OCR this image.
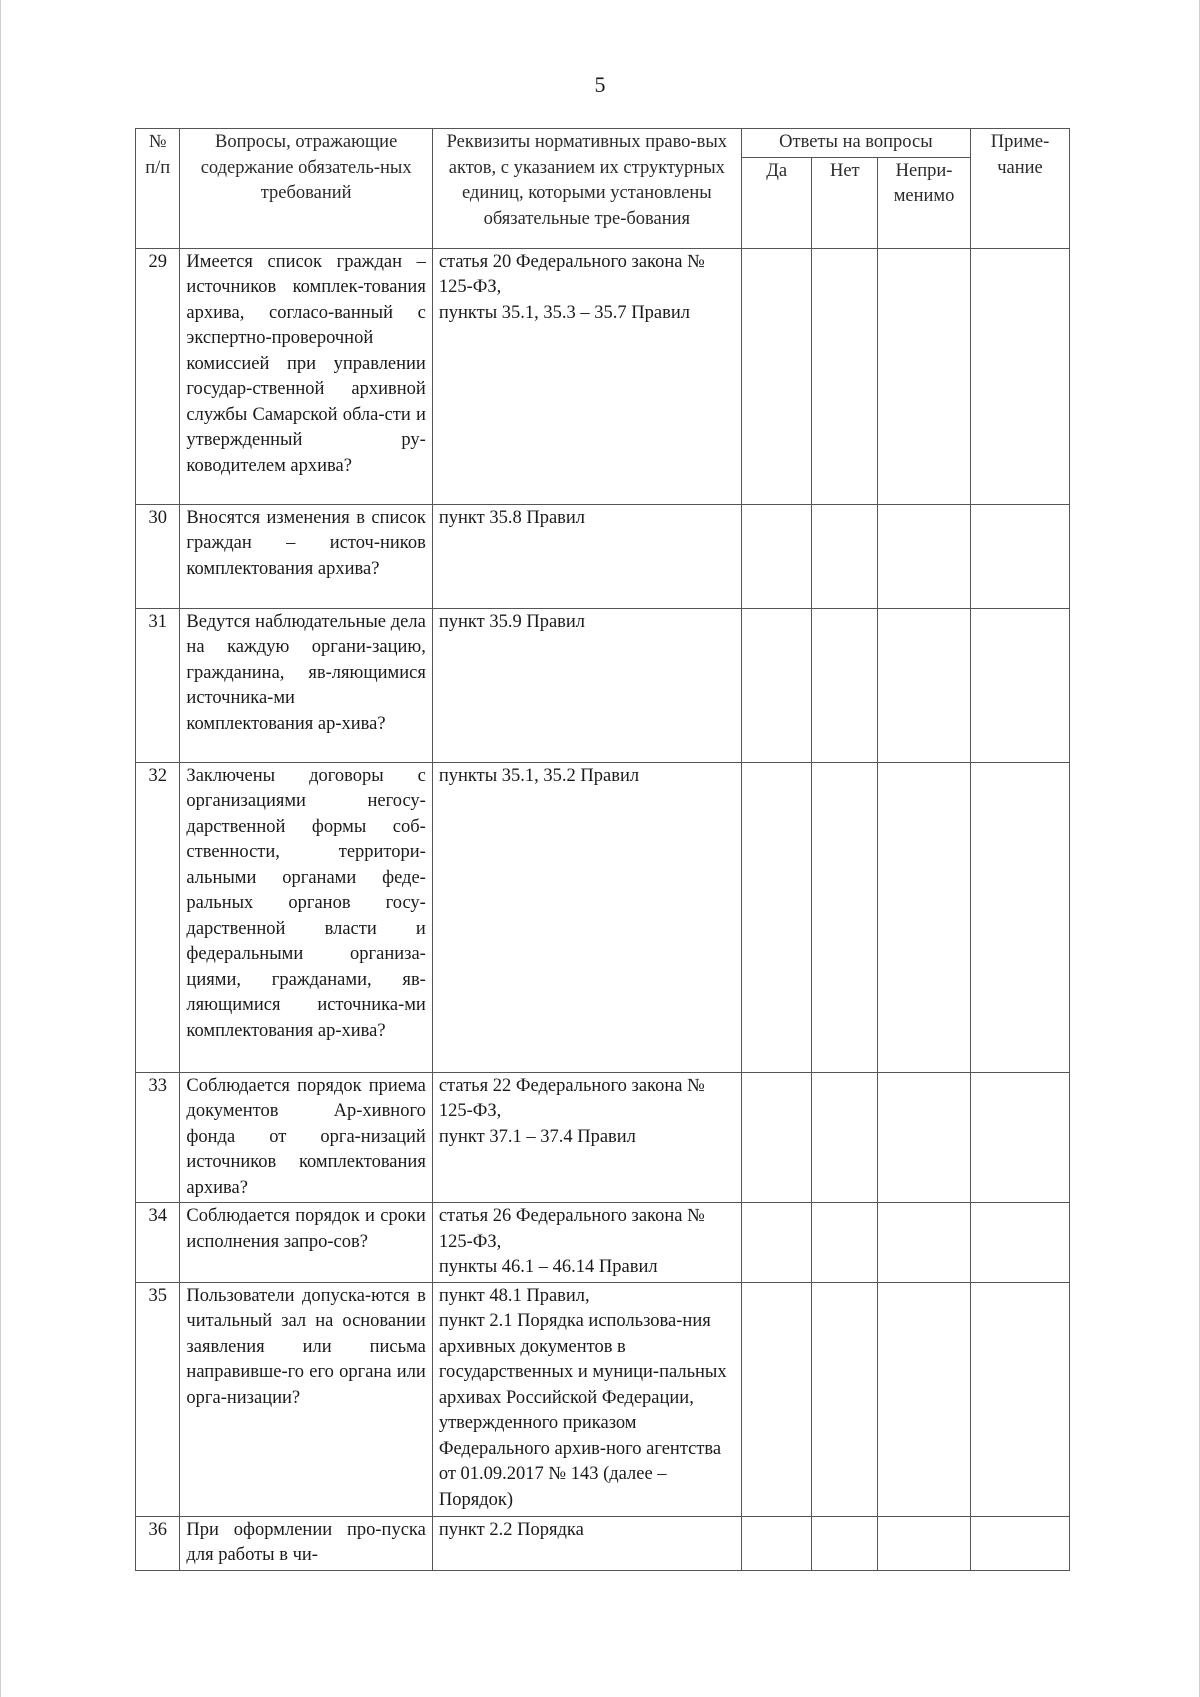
5
№ п/п	Вопросы, отражающие содержание обязатель-ных требований	Реквизиты нормативных право-вых актов, с указанием их структурных единиц, которыми установлены обязательные тре-бования	Ответы на вопросы			Приме-чание
			Да	Нет	Непри-менимо	
29	Имеется список граждан – источников комплек-тования архива, согласо-ванный с экспертно-проверочной комиссией при управлении государ-ственной архивной службы Самарской обла-сти и утвержденный ру-ководителем архива?	статья 20 Федерального закона № 125-ФЗ,
пункты 35.1, 35.3 – 35.7 Правил				

30	Вносятся изменения в список граждан – источ-ников комплектования архива?	пункт 35.8 Правил				

31	Ведутся наблюдательные дела на каждую органи-зацию, гражданина, яв-ляющимися источника-ми комплектования ар-хива?	пункт 35.9 Правил				

32	Заключены договоры с организациями негосу-дарственной формы соб-ственности, территори-альными органами феде-ральных органов госу-дарственной власти и федеральными организа-циями, гражданами, яв-ляющимися источника-ми комплектования ар-хива?	пункты 35.1, 35.2 Правил				

33	Соблюдается порядок приема документов Ар-хивного фонда от орга-низаций источников комплектования архива?	статья 22 Федерального закона № 125-ФЗ,
пункт 37.1 – 37.4 Правил				

34	Соблюдается порядок и сроки исполнения запро-сов?	статья 26 Федерального закона № 125-ФЗ,
пункты 46.1 – 46.14 Правил				

35	Пользователи допуска-ются в читальный зал на основании заявления или письма направивше-го его органа или орга-низации?	пункт 48.1 Правил,
пункт 2.1 Порядка использова-ния архивных документов в государственных и муници-пальных архивах Российской Федерации, утвержденного приказом Федерального архив-ного агентства от 01.09.2017 № 143 (далее – Порядок)				

36	При оформлении про-пуска для работы в чи-	пункт 2.2 Порядка				
